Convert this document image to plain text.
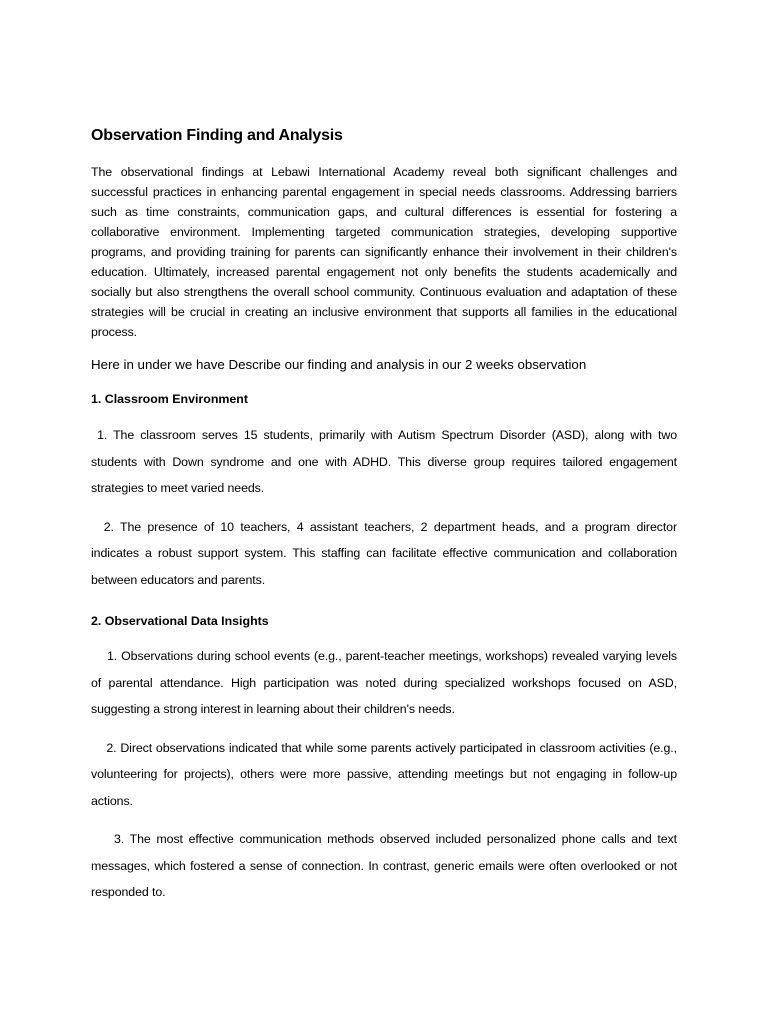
Observation Finding and Analysis

The observational findings at Lebawi International Academy reveal both significant challenges and successful practices in enhancing parental engagement in special needs classrooms. Addressing barriers such as time constraints, communication gaps, and cultural differences is essential for fostering a collaborative environment. Implementing targeted communication strategies, developing supportive programs, and providing training for parents can significantly enhance their involvement in their children's education. Ultimately, increased parental engagement not only benefits the students academically and socially but also strengthens the overall school community. Continuous evaluation and adaptation of these strategies will be crucial in creating an inclusive environment that supports all families in the educational process.

Here in under we have Describe our finding and analysis in our 2 weeks observation

1. Classroom Environment

1. The classroom serves 15 students, primarily with Autism Spectrum Disorder (ASD), along with two students with Down syndrome and one with ADHD. This diverse group requires tailored engagement strategies to meet varied needs.

2. The presence of 10 teachers, 4 assistant teachers, 2 department heads, and a program director indicates a robust support system. This staffing can facilitate effective communication and collaboration between educators and parents.

2. Observational Data Insights

1. Observations during school events (e.g., parent-teacher meetings, workshops) revealed varying levels of parental attendance. High participation was noted during specialized workshops focused on ASD, suggesting a strong interest in learning about their children's needs.

2. Direct observations indicated that while some parents actively participated in classroom activities (e.g., volunteering for projects), others were more passive, attending meetings but not engaging in follow-up actions.

3. The most effective communication methods observed included personalized phone calls and text messages, which fostered a sense of connection. In contrast, generic emails were often overlooked or not responded to.
